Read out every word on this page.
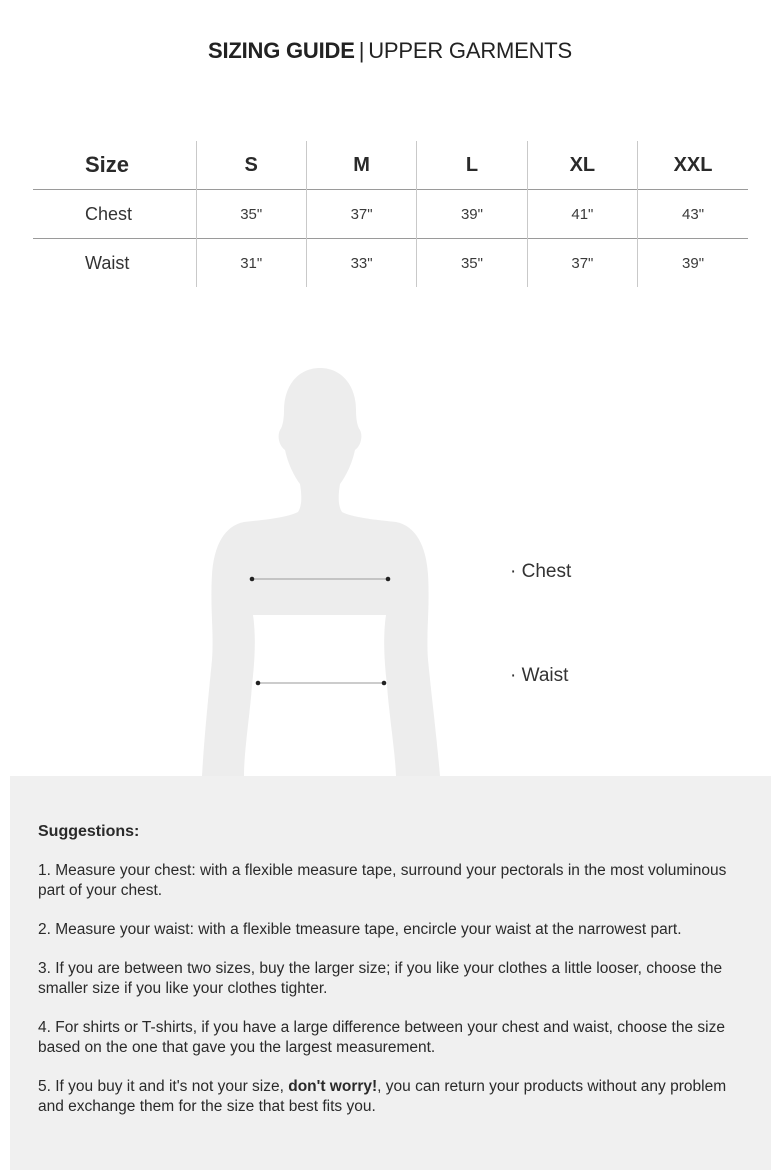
SIZING GUIDE | UPPER GARMENTS
Size	S	M	L	XL	XXL
Chest	35"	37"	39"	41"	43"
Waist	31"	33"	35"	37"	39"
· Chest
· Waist
Suggestions:

1. Measure your chest: with a flexible measure tape, surround your pectorals in the most voluminous part of your chest.

2. Measure your waist: with a flexible tmeasure tape, encircle your waist at the narrowest part.

3. If you are between two sizes, buy the larger size; if you like your clothes a little looser, choose the smaller size if you like your clothes tighter.

4. For shirts or T-shirts, if you have a large difference between your chest and waist, choose the size based on the one that gave you the largest measurement.

5. If you buy it and it's not your size, don't worry!, you can return your products without any problem and exchange them for the size that best fits you.
